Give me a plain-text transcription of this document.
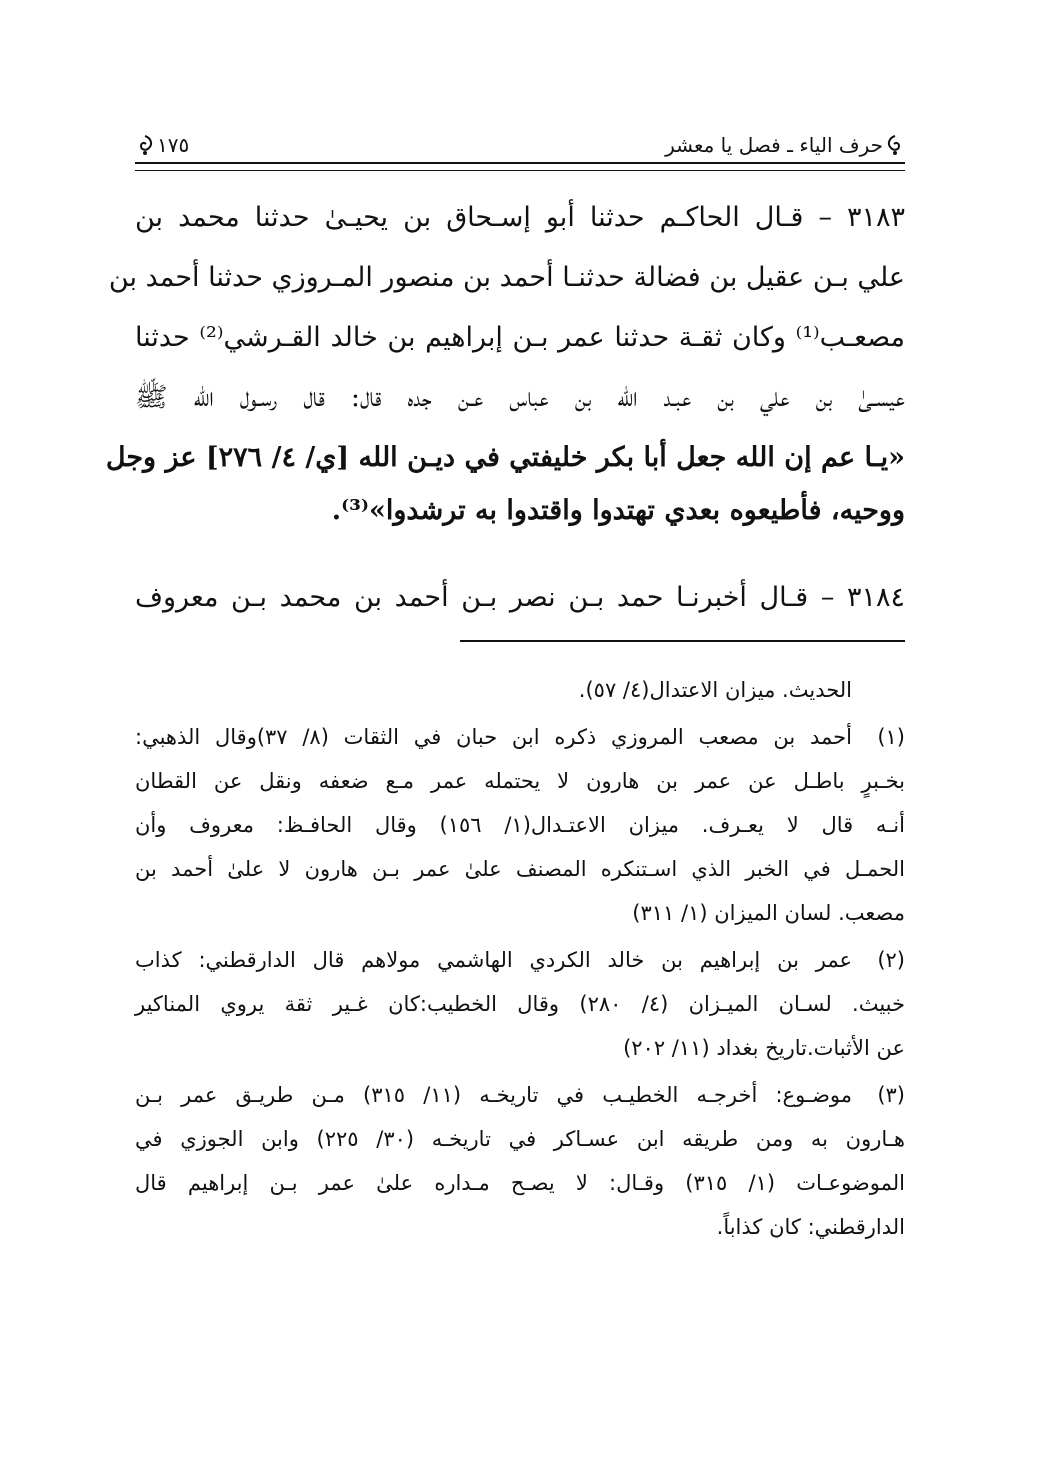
حرف الياء ـ فصل يا معشر
١٧٥
٣١٨٣ – قـال الحاكـم حدثنا أبو إسـحاق بن يحيـىٰ حدثنا محمد بن
علي بـن عقيل بن فضالة حدثنـا أحمد بن منصور المـروزي حدثنا أحمد بن
مصعـب⁽¹⁾ وكان ثقـة حدثنا عمر بـن إبراهيم بن خالد القـرشي⁽²⁾ حدثنا
عيسـىٰ بن علي بن عبـد الله بن عباس عـن جده قال: قال رسـول الله ﷺ
«يـا عم إن الله جعل أبا بكر خليفتي في ديـن الله [ي/ ٤/ ٢٧٦] عز وجل
ووحيه، فأطيعوه بعدي تهتدوا واقتدوا به ترشدوا»⁽³⁾.
٣١٨٤ – قـال أخبرنـا حمد بـن نصر بـن أحمد بن محمد بـن معروف
الحديث. ميزان الاعتدال(٤/ ٥٧).
(١)
أحمد بن مصعب المروزي ذكره ابن حبان في الثقات (٨/ ٣٧)وقال الذهبي:
بخـبرٍ باطـل عن عمر بن هارون لا يحتمله عمر مـع ضعفه ونقل عن القطان
أنـه قال لا يعـرف. ميزان الاعتـدال(١/ ١٥٦) وقال الحافـظ: معروف وأن
الحمـل في الخبر الذي اسـتنكره المصنف علىٰ عمر بـن هارون لا علىٰ أحمد بن
مصعب. لسان الميزان (١/ ٣١١)
(٢)
عمر بن إبراهيم بن خالد الكردي الهاشمي مولاهم قال الدارقطني: كذاب
خبيث. لسـان الميـزان (٤/ ٢٨٠) وقال الخطيب:كان غـير ثقة يروي المناكير
عن الأثبات.تاريخ بغداد (١١/ ٢٠٢)
(٣)
موضـوع: أخرجـه الخطيـب في تاريخـه (١١/ ٣١٥) مـن طريـق عمر بـن
هـارون به ومن طريقه ابن عسـاكر في تاريخـه (٣٠/ ٢٢٥) وابن الجوزي في
الموضوعـات (١/ ٣١٥) وقـال: لا يصـح مـداره علىٰ عمر بـن إبراهيم قال
الدارقطني: كان كذاباً.
